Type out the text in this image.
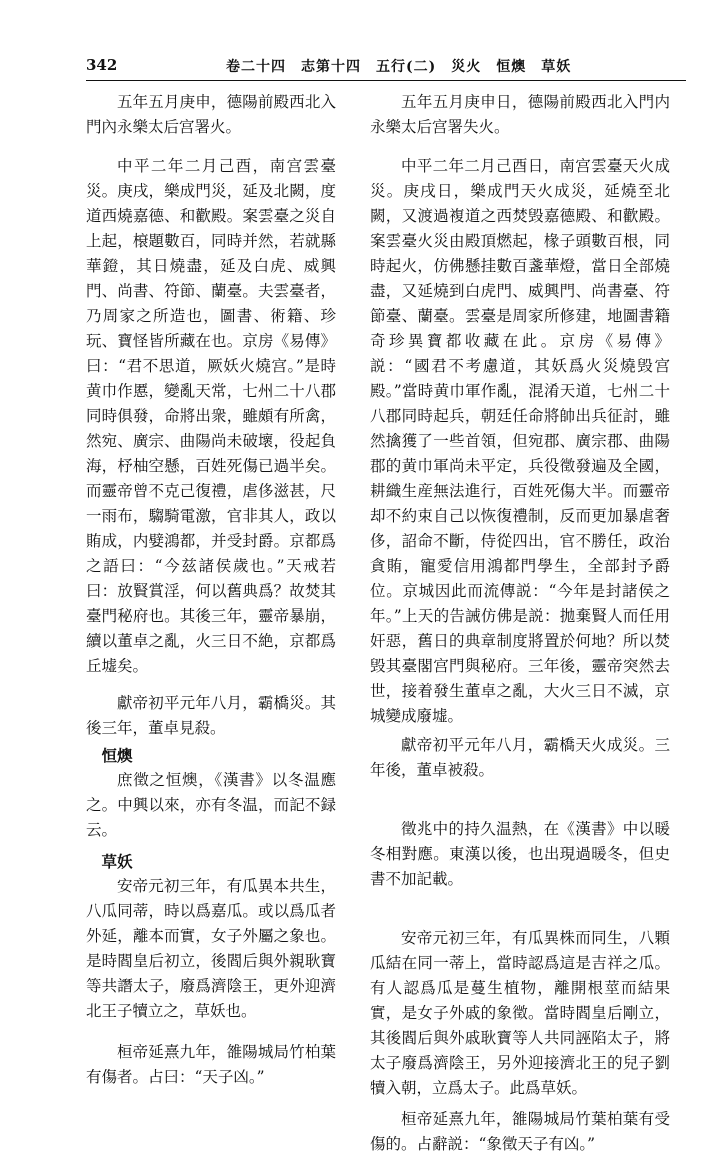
342	卷二十四　志第十四　五行(二)　災火　恒燠　草妖

五年五月庚申，德陽前殿西北入門內永樂太后宫署火。

中平二年二月己酉，南宫雲臺災。庚戌，樂成門災，延及北闕，度道西燒嘉德、和歡殿。案雲臺之災自上起，榱題數百，同時并然，若就縣華鐙，其日燒盡，延及白虎、威興門、尚書、符節、蘭臺。夫雲臺者，乃周家之所造也，圖書、術籍、珍玩、寶怪皆所藏在也。京房《易傳》曰：“君不思道，厥妖火燒宫。”是時黄巾作慝，變亂天常，七州二十八郡同時俱發，命將出衆，雖頗有所禽，然宛、廣宗、曲陽尚未破壞，役起負海，杼柚空懸，百姓死傷已過半矣。而靈帝曾不克己復禮，虐侈滋甚，尺一雨布，騶騎電激，官非其人，政以賄成，内嬖鴻都，并受封爵。京都爲之語曰：“今兹諸侯歲也。”天戒若曰：放賢賞淫，何以舊典爲？故焚其臺門秘府也。其後三年，靈帝暴崩，續以董卓之亂，火三日不絶，京都爲丘墟矣。

獻帝初平元年八月，霸橋災。其後三年，董卓見殺。

恒燠

庶徵之恒燠，《漢書》以冬温應之。中興以來，亦有冬温，而記不録云。

草妖

安帝元初三年，有瓜異本共生，八瓜同蒂，時以爲嘉瓜。或以爲瓜者外延，離本而實，女子外屬之象也。是時閻皇后初立，後閻后與外親耿寶等共譖太子，廢爲濟陰王，更外迎濟北王子犢立之，草妖也。

桓帝延熹九年，雒陽城局竹柏葉有傷者。占曰：“天子凶。”

五年五月庚申日，德陽前殿西北入門内永樂太后宫署失火。

中平二年二月己酉日，南宫雲臺天火成災。庚戌日，樂成門天火成災，延燒至北闕，又渡過複道之西焚毁嘉德殿、和歡殿。案雲臺火災由殿頂燃起，椽子頭數百根，同時起火，仿佛懸挂數百盞華燈，當日全部燒盡，又延燒到白虎門、威興門、尚書臺、符節臺、蘭臺。雲臺是周家所修建，地圖書籍奇珍異寶都收藏在此。京房《易傳》説：“國君不考慮道，其妖爲火災燒毁宫殿。”當時黄巾軍作亂，混淆天道，七州二十八郡同時起兵，朝廷任命將帥出兵征討，雖然擒獲了一些首領，但宛郡、廣宗郡、曲陽郡的黄巾軍尚未平定，兵役徵發遍及全國，耕織生産無法進行，百姓死傷大半。而靈帝却不約束自己以恢復禮制，反而更加暴虐奢侈，詔命不斷，侍從四出，官不勝任，政治貪賄，寵愛信用鴻都門學生，全部封予爵位。京城因此而流傳説：“今年是封諸侯之年。”上天的告誡仿佛是説：拋棄賢人而任用奸惡，舊日的典章制度將置於何地？所以焚毁其臺閣宫門與秘府。三年後，靈帝突然去世，接着發生董卓之亂，大火三日不滅，京城變成廢墟。

獻帝初平元年八月，霸橋天火成災。三年後，董卓被殺。

徵兆中的持久温熱，在《漢書》中以暖冬相對應。東漢以後，也出現過暖冬，但史書不加記載。

安帝元初三年，有瓜異株而同生，八顆瓜結在同一蒂上，當時認爲這是吉祥之瓜。有人認爲瓜是蔓生植物，離開根莖而結果實，是女子外戚的象徵。當時閻皇后剛立，其後閻后與外戚耿寶等人共同誣陷太子，將太子廢爲濟陰王，另外迎接濟北王的兒子劉犢入朝，立爲太子。此爲草妖。

桓帝延熹九年，雒陽城局竹葉柏葉有受傷的。占辭説：“象徵天子有凶。”
